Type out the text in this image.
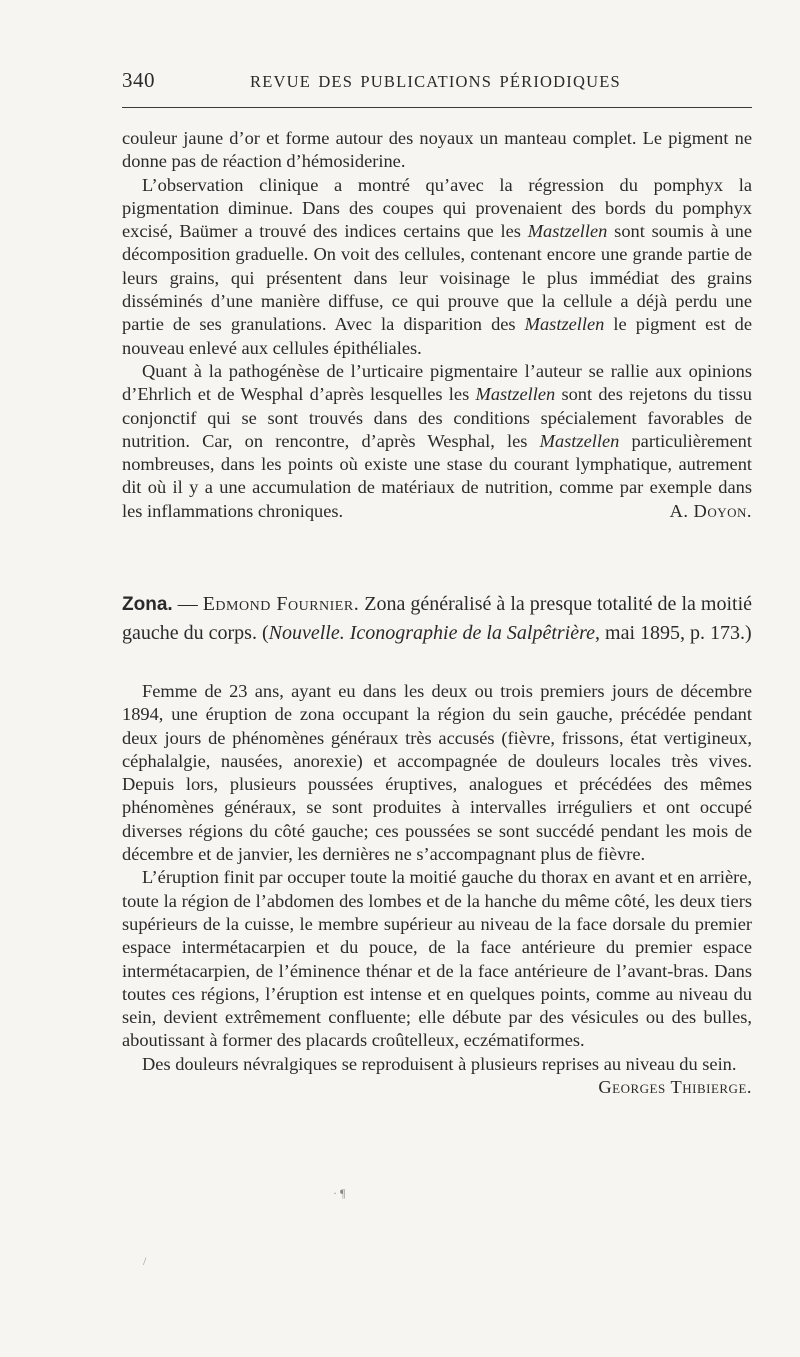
340	REVUE DES PUBLICATIONS PÉRIODIQUES

couleur jaune d’or et forme autour des noyaux un manteau complet. Le pigment ne donne pas de réaction d’hémosiderine.

L’observation clinique a montré qu’avec la régression du pomphyx la pigmentation diminue. Dans des coupes qui provenaient des bords du pomphyx excisé, Baümer a trouvé des indices certains que les Mastzellen sont soumis à une décomposition graduelle. On voit des cellules, contenant encore une grande partie de leurs grains, qui présentent dans leur voisinage le plus immédiat des grains disséminés d’une manière diffuse, ce qui prouve que la cellule a déjà perdu une partie de ses granulations. Avec la disparition des Mastzellen le pigment est de nouveau enlevé aux cellules épithéliales.

Quant à la pathogénèse de l’urticaire pigmentaire l’auteur se rallie aux opinions d’Ehrlich et de Wesphal d’après lesquelles les Mastzellen sont des rejetons du tissu conjonctif qui se sont trouvés dans des conditions spécialement favorables de nutrition. Car, on rencontre, d’après Wesphal, les Mastzellen particulièrement nombreuses, dans les points où existe une stase du courant lymphatique, autrement dit où il y a une accumulation de matériaux de nutrition, comme par exemple dans les inflammations chroniques.	A. Doyon.

Zona. — Edmond Fournier. Zona généralisé à la presque totalité de la moitié gauche du corps. (Nouvelle. Iconographie de la Salpêtrière, mai 1895, p. 173.)

Femme de 23 ans, ayant eu dans les deux ou trois premiers jours de décembre 1894, une éruption de zona occupant la région du sein gauche, précédée pendant deux jours de phénomènes généraux très accusés (fièvre, frissons, état vertigineux, céphalalgie, nausées, anorexie) et accompagnée de douleurs locales très vives. Depuis lors, plusieurs poussées éruptives, analogues et précédées des mêmes phénomènes généraux, se sont produites à intervalles irréguliers et ont occupé diverses régions du côté gauche; ces poussées se sont succédé pendant les mois de décembre et de janvier, les dernières ne s’accompagnant plus de fièvre.

L’éruption finit par occuper toute la moitié gauche du thorax en avant et en arrière, toute la région de l’abdomen des lombes et de la hanche du même côté, les deux tiers supérieurs de la cuisse, le membre supérieur au niveau de la face dorsale du premier espace intermétacarpien et du pouce, de la face antérieure du premier espace intermétacarpien, de l’éminence thénar et de la face antérieure de l’avant-bras. Dans toutes ces régions, l’éruption est intense et en quelques points, comme au niveau du sein, devient extrêmement confluente; elle débute par des vésicules ou des bulles, aboutissant à former des placards croûtelleux, eczématiformes.

Des douleurs névralgiques se reproduisent à plusieurs reprises au niveau du sein.
Georges Thibierge.

· ¶
/
